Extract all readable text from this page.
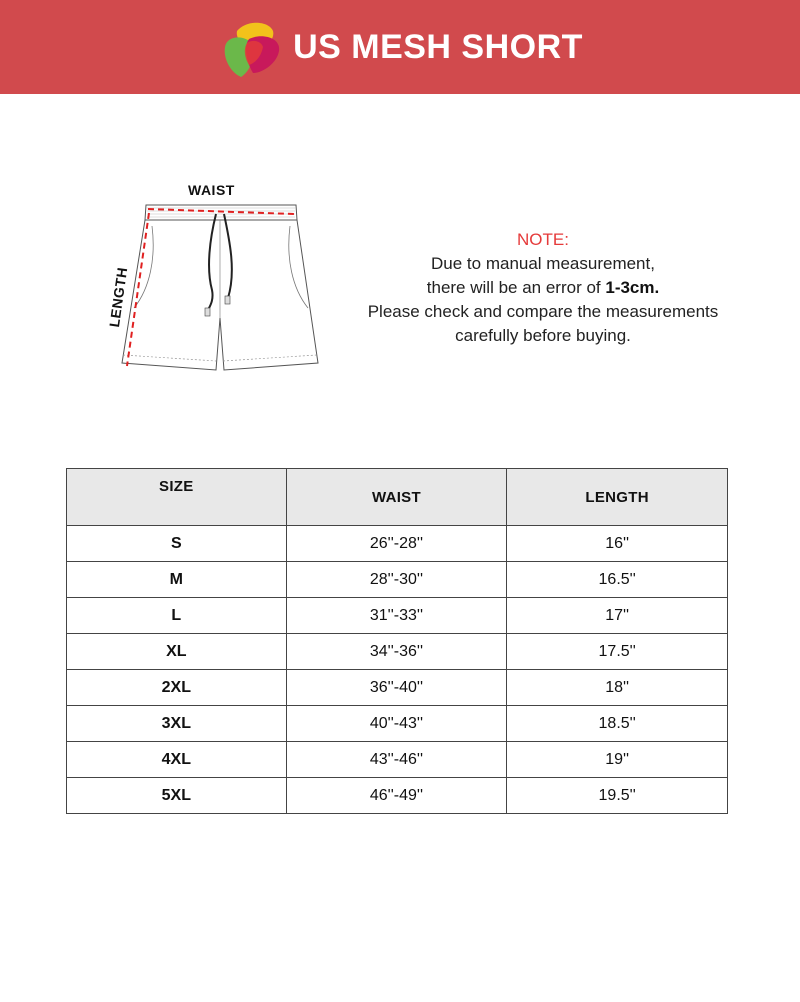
US MESH SHORT
WAIST
LENGTH
NOTE:
Due to manual measurement,
there will be an error of 1-3cm.
Please check and compare the measurements
carefully before buying.
SIZE	WAIST	LENGTH
S	26''-28''	16''
M	28''-30''	16.5''
L	31''-33''	17''
XL	34''-36''	17.5''
2XL	36''-40''	18''
3XL	40''-43''	18.5''
4XL	43''-46''	19''
5XL	46''-49''	19.5''
